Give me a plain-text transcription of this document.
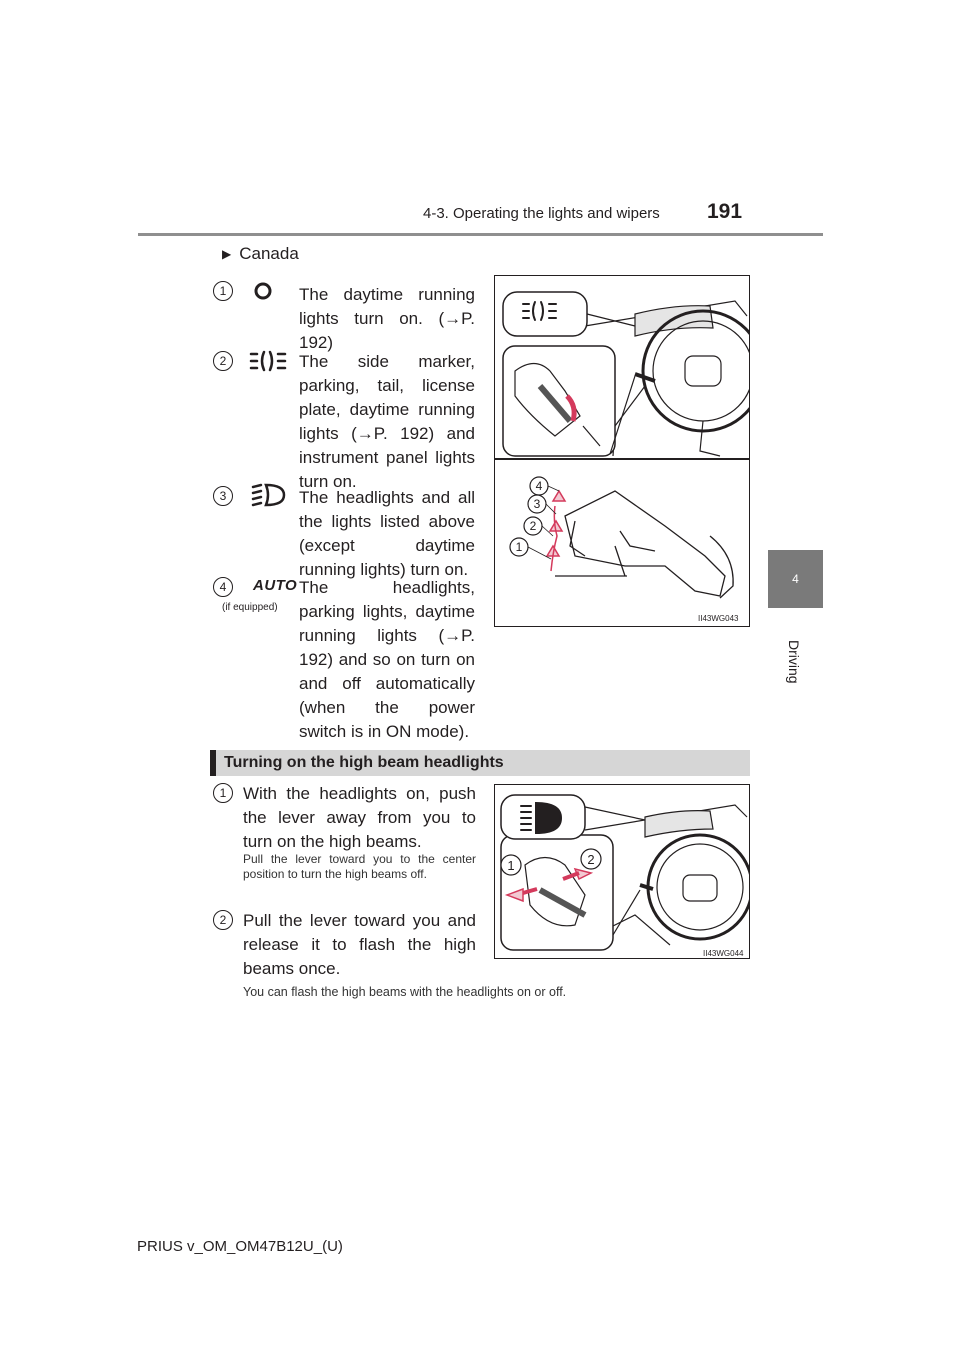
4-3. Operating the lights and wipers 191
4
Driving
▶ Canada
1	The daytime running lights turn on. (→P. 192)
2	The side marker, parking, tail, license plate, daytime running lights (→P. 192) and instrument panel lights turn on.
3	The headlights and all the lights listed above (except daytime running lights) turn on.
4	AUTO
(if equipped)
The headlights, parking lights, daytime running lights (→P. 192) and so on turn on and off automatically (when the power switch is in ON mode).
4
3
2
1
II43WG043
Turning on the high beam headlights
1 With the headlights on, push the lever away from you to turn on the high beams.
Pull the lever toward you to the center position to turn the high beams off.
2 Pull the lever toward you and release it to flash the high beams once.
You can flash the high beams with the headlights on or off.
1	2
II43WG044
PRIUS v_OM_OM47B12U_(U)
